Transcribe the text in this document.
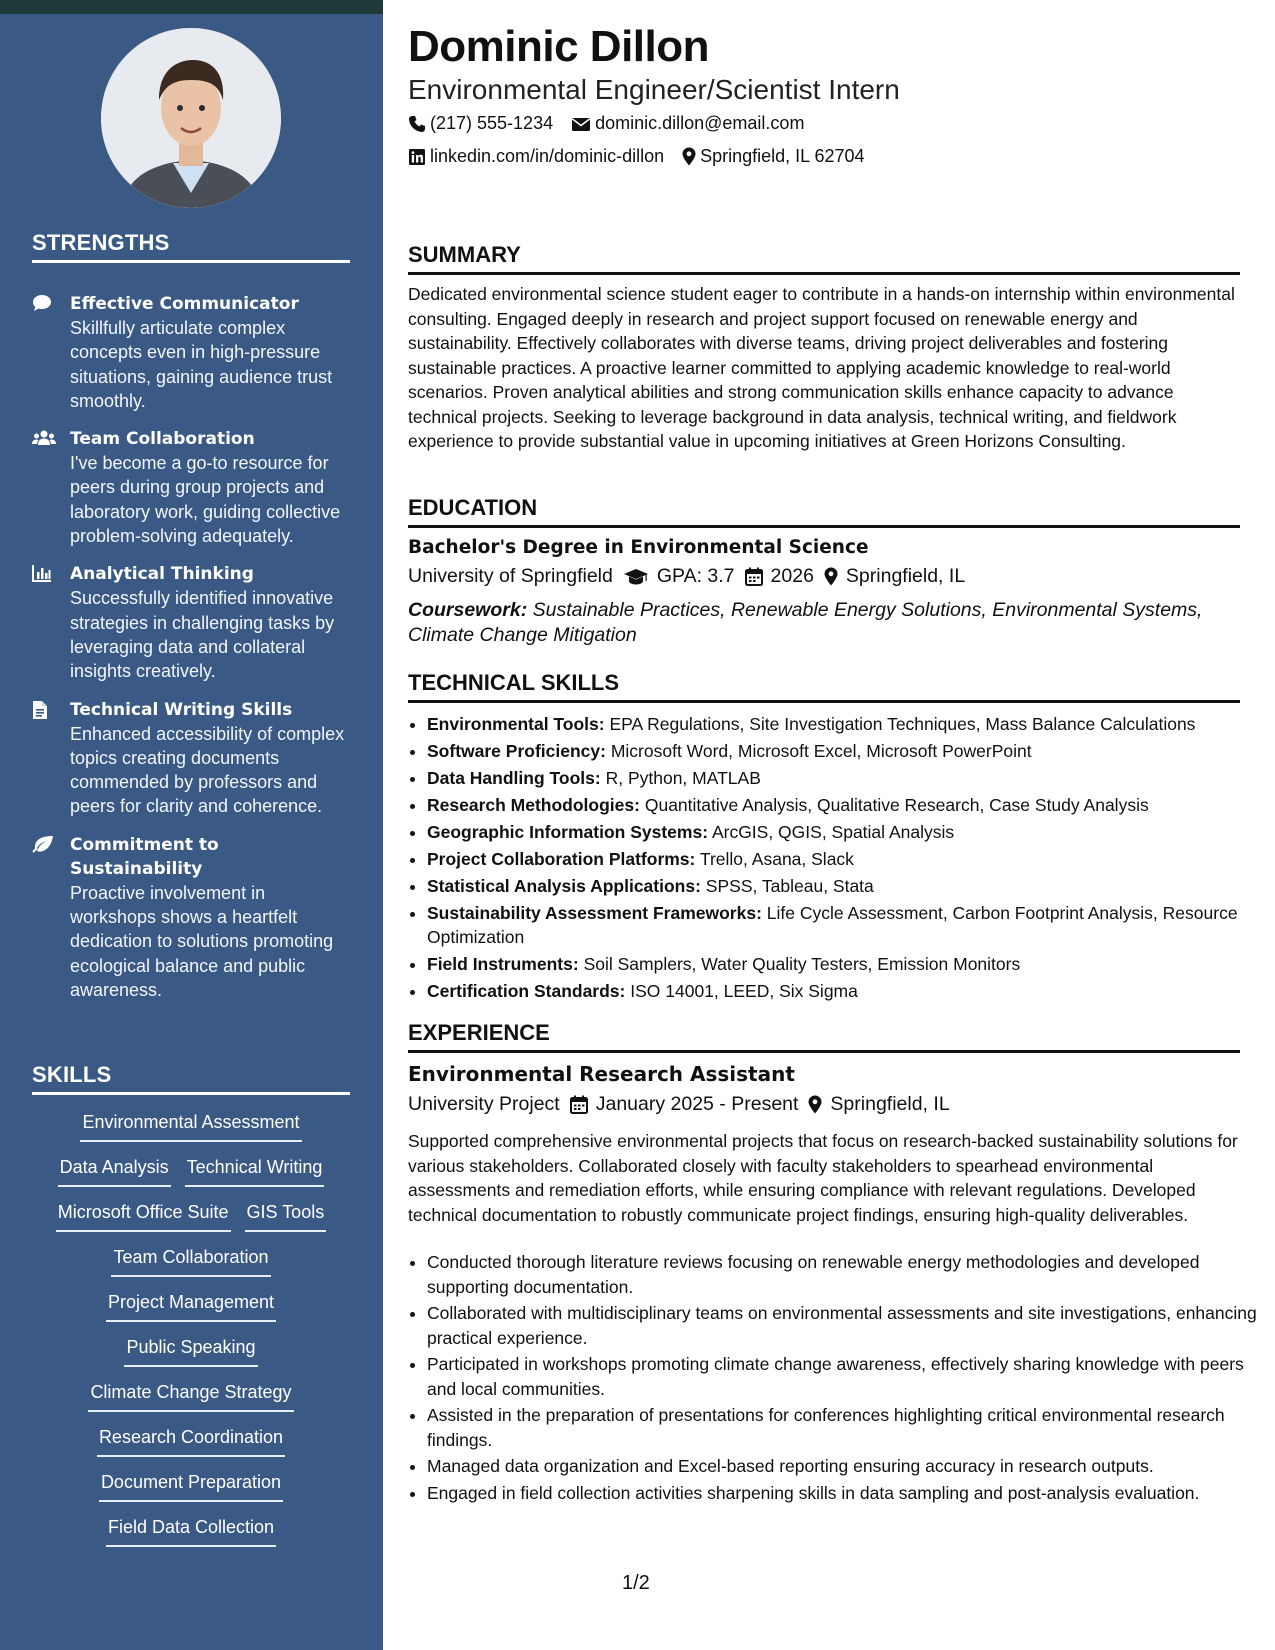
STRENGTHS
Effective Communicator
Skillfully articulate complex concepts even in high-pressure situations, gaining audience trust smoothly.
Team Collaboration
I've become a go-to resource for peers during group projects and laboratory work, guiding collective problem-solving adequately.
Analytical Thinking
Successfully identified innovative strategies in challenging tasks by leveraging data and collateral insights creatively.
Technical Writing Skills
Enhanced accessibility of complex topics creating documents commended by professors and peers for clarity and coherence.
Commitment to Sustainability
Proactive involvement in workshops shows a heartfelt dedication to solutions promoting ecological balance and public awareness.
SKILLS
Environmental Assessment
Data Analysis Technical Writing
Microsoft Office Suite GIS Tools
Team Collaboration
Project Management
Public Speaking
Climate Change Strategy
Research Coordination
Document Preparation
Field Data Collection
Dominic Dillon
Environmental Engineer/Scientist Intern
(217) 555-1234 dominic.dillon@email.com
linkedin.com/in/dominic-dillon Springfield, IL 62704
SUMMARY
Dedicated environmental science student eager to contribute in a hands-on internship within environmental consulting. Engaged deeply in research and project support focused on renewable energy and sustainability. Effectively collaborates with diverse teams, driving project deliverables and fostering sustainable practices. A proactive learner committed to applying academic knowledge to real-world scenarios. Proven analytical abilities and strong communication skills enhance capacity to advance technical projects. Seeking to leverage background in data analysis, technical writing, and fieldwork experience to provide substantial value in upcoming initiatives at Green Horizons Consulting.
EDUCATION
Bachelor's Degree in Environmental Science
University of Springfield GPA: 3.7 2026 Springfield, IL
Coursework: Sustainable Practices, Renewable Energy Solutions, Environmental Systems, Climate Change Mitigation
TECHNICAL SKILLS
• Environmental Tools: EPA Regulations, Site Investigation Techniques, Mass Balance Calculations
• Software Proficiency: Microsoft Word, Microsoft Excel, Microsoft PowerPoint
• Data Handling Tools: R, Python, MATLAB
• Research Methodologies: Quantitative Analysis, Qualitative Research, Case Study Analysis
• Geographic Information Systems: ArcGIS, QGIS, Spatial Analysis
• Project Collaboration Platforms: Trello, Asana, Slack
• Statistical Analysis Applications: SPSS, Tableau, Stata
• Sustainability Assessment Frameworks: Life Cycle Assessment, Carbon Footprint Analysis, Resource Optimization
• Field Instruments: Soil Samplers, Water Quality Testers, Emission Monitors
• Certification Standards: ISO 14001, LEED, Six Sigma
EXPERIENCE
Environmental Research Assistant
University Project January 2025 - Present Springfield, IL
Supported comprehensive environmental projects that focus on research-backed sustainability solutions for various stakeholders. Collaborated closely with faculty stakeholders to spearhead environmental assessments and remediation efforts, while ensuring compliance with relevant regulations. Developed technical documentation to robustly communicate project findings, ensuring high-quality deliverables.
• Conducted thorough literature reviews focusing on renewable energy methodologies and developed supporting documentation.
• Collaborated with multidisciplinary teams on environmental assessments and site investigations, enhancing practical experience.
• Participated in workshops promoting climate change awareness, effectively sharing knowledge with peers and local communities.
• Assisted in the preparation of presentations for conferences highlighting critical environmental research findings.
• Managed data organization and Excel-based reporting ensuring accuracy in research outputs.
• Engaged in field collection activities sharpening skills in data sampling and post-analysis evaluation.
1/2
